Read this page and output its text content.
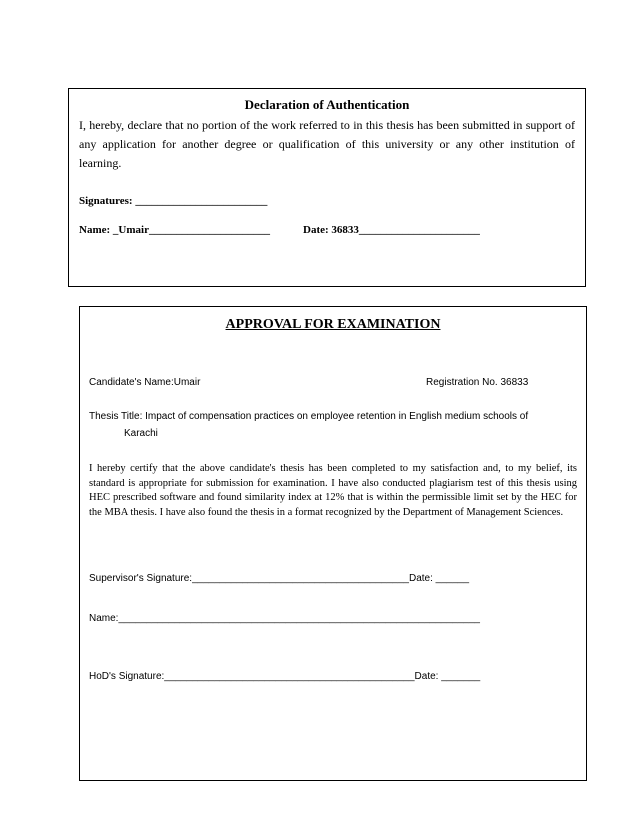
Declaration of Authentication
I, hereby, declare that no portion of the work referred to in this thesis has been submitted in support of any application for another degree or qualification of this university or any other institution of learning.
Signatures: ________________________
Name: _Umair______________________	Date: 36833______________________
APPROVAL FOR EXAMINATION
Candidate's Name:Umair	Registration No. 36833
Thesis Title: Impact of compensation practices on employee retention in English medium schools of
Karachi
I hereby certify that the above candidate's thesis has been completed to my satisfaction and, to my belief, its standard is appropriate for submission for examination. I have also conducted plagiarism test of this thesis using HEC prescribed software and found similarity index at 12% that is within the permissible limit set by the HEC for the MBA thesis. I have also found the thesis in a format recognized by the Department of Management Sciences.
Supervisor's Signature:_______________________________________Date: ______
Name:_________________________________________________________________
HoD's Signature:_____________________________________________Date: _______
